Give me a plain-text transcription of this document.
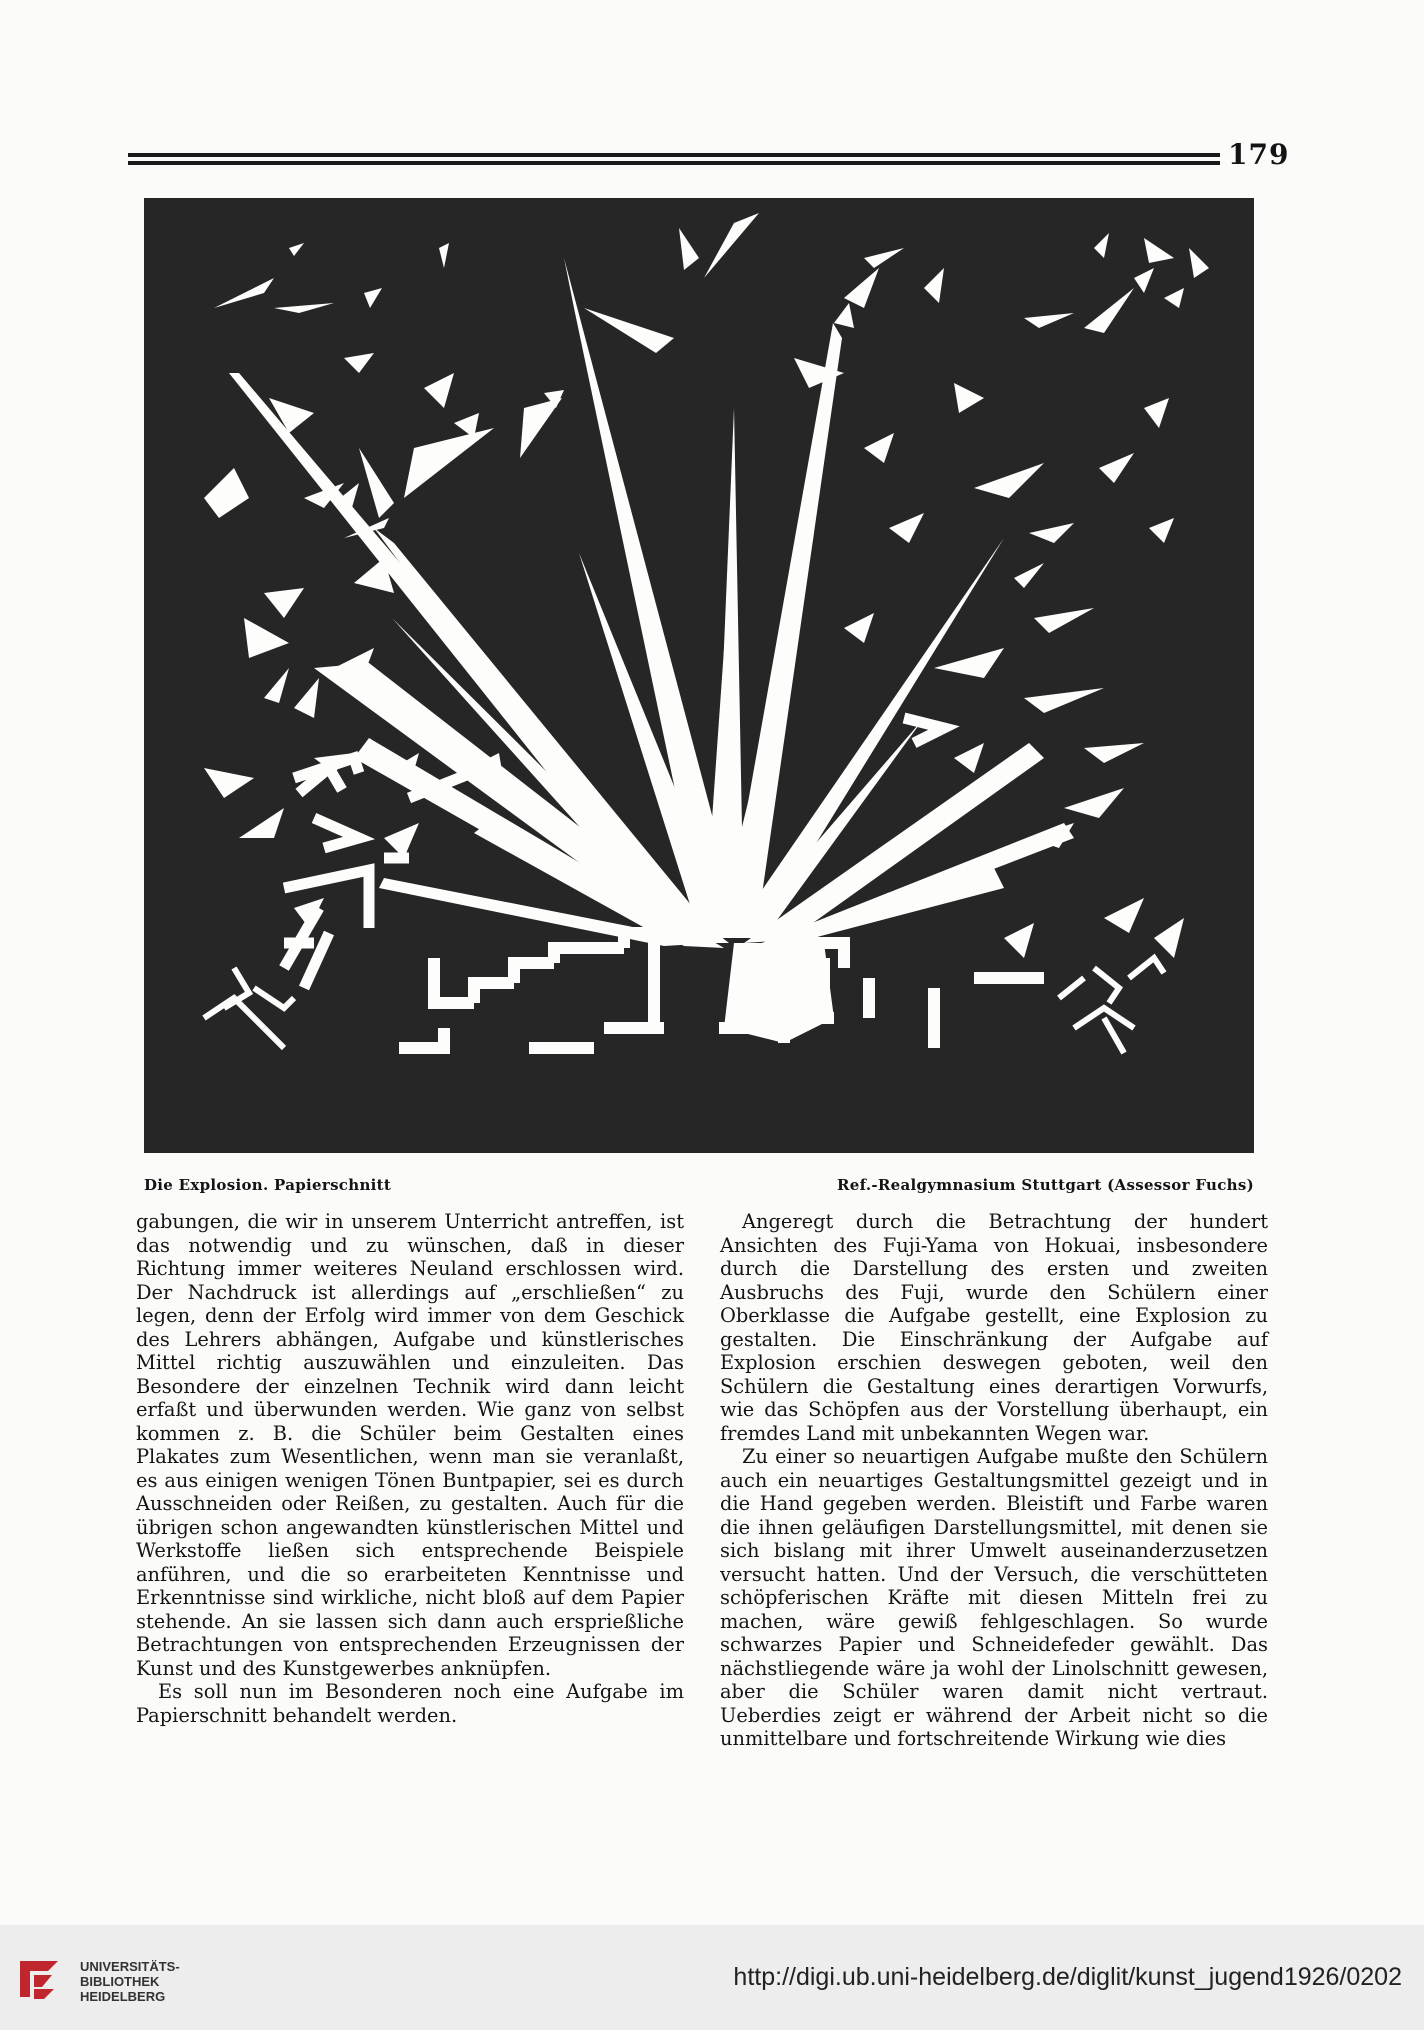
179
Die Explosion. Papierschnitt	Ref.-Realgymnasium Stuttgart (Assessor Fuchs)

gabungen, die wir in unserem Unterricht antreffen, ist das notwendig und zu wünschen, daß in dieser Richtung immer weiteres Neuland erschlossen wird. Der Nachdruck ist allerdings auf „erschließen“ zu legen, denn der Erfolg wird immer von dem Geschick des Lehrers abhängen, Aufgabe und künstlerisches Mittel richtig auszuwählen und einzuleiten. Das Besondere der einzelnen Technik wird dann leicht erfaßt und überwunden werden. Wie ganz von selbst kommen z. B. die Schüler beim Gestalten eines Plakates zum Wesentlichen, wenn man sie veranlaßt, es aus einigen wenigen Tönen Buntpapier, sei es durch Ausschneiden oder Reißen, zu gestalten. Auch für die übrigen schon angewandten künstlerischen Mittel und Werkstoffe ließen sich entsprechende Beispiele anführen, und die so erarbeiteten Kenntnisse und Erkenntnisse sind wirkliche, nicht bloß auf dem Papier stehende. An sie lassen sich dann auch ersprießliche Betrachtungen von entsprechenden Erzeugnissen der Kunst und des Kunstgewerbes anknüpfen.

Es soll nun im Besonderen noch eine Aufgabe im Papierschnitt behandelt werden.

Angeregt durch die Betrachtung der hundert Ansichten des Fuji-Yama von Hokuai, insbesondere durch die Darstellung des ersten und zweiten Ausbruchs des Fuji, wurde den Schülern einer Oberklasse die Aufgabe gestellt, eine Explosion zu gestalten. Die Einschränkung der Aufgabe auf Explosion erschien deswegen geboten, weil den Schülern die Gestaltung eines derartigen Vorwurfs, wie das Schöpfen aus der Vorstellung überhaupt, ein fremdes Land mit unbekannten Wegen war.

Zu einer so neuartigen Aufgabe mußte den Schülern auch ein neuartiges Gestaltungsmittel gezeigt und in die Hand gegeben werden. Bleistift und Farbe waren die ihnen geläufigen Darstellungsmittel, mit denen sie sich bislang mit ihrer Umwelt auseinanderzusetzen versucht hatten. Und der Versuch, die verschütteten schöpferischen Kräfte mit diesen Mitteln frei zu machen, wäre gewiß fehlgeschlagen. So wurde schwarzes Papier und Schneidefeder gewählt. Das nächstliegende wäre ja wohl der Linolschnitt gewesen, aber die Schüler waren damit nicht vertraut. Ueberdies zeigt er während der Arbeit nicht so die unmittelbare und fortschreitende Wirkung wie dies

UNIVERSITÄTS-
BIBLIOTHEK
HEIDELBERG
http://digi.ub.uni-heidelberg.de/diglit/kunst_jugend1926/0202
